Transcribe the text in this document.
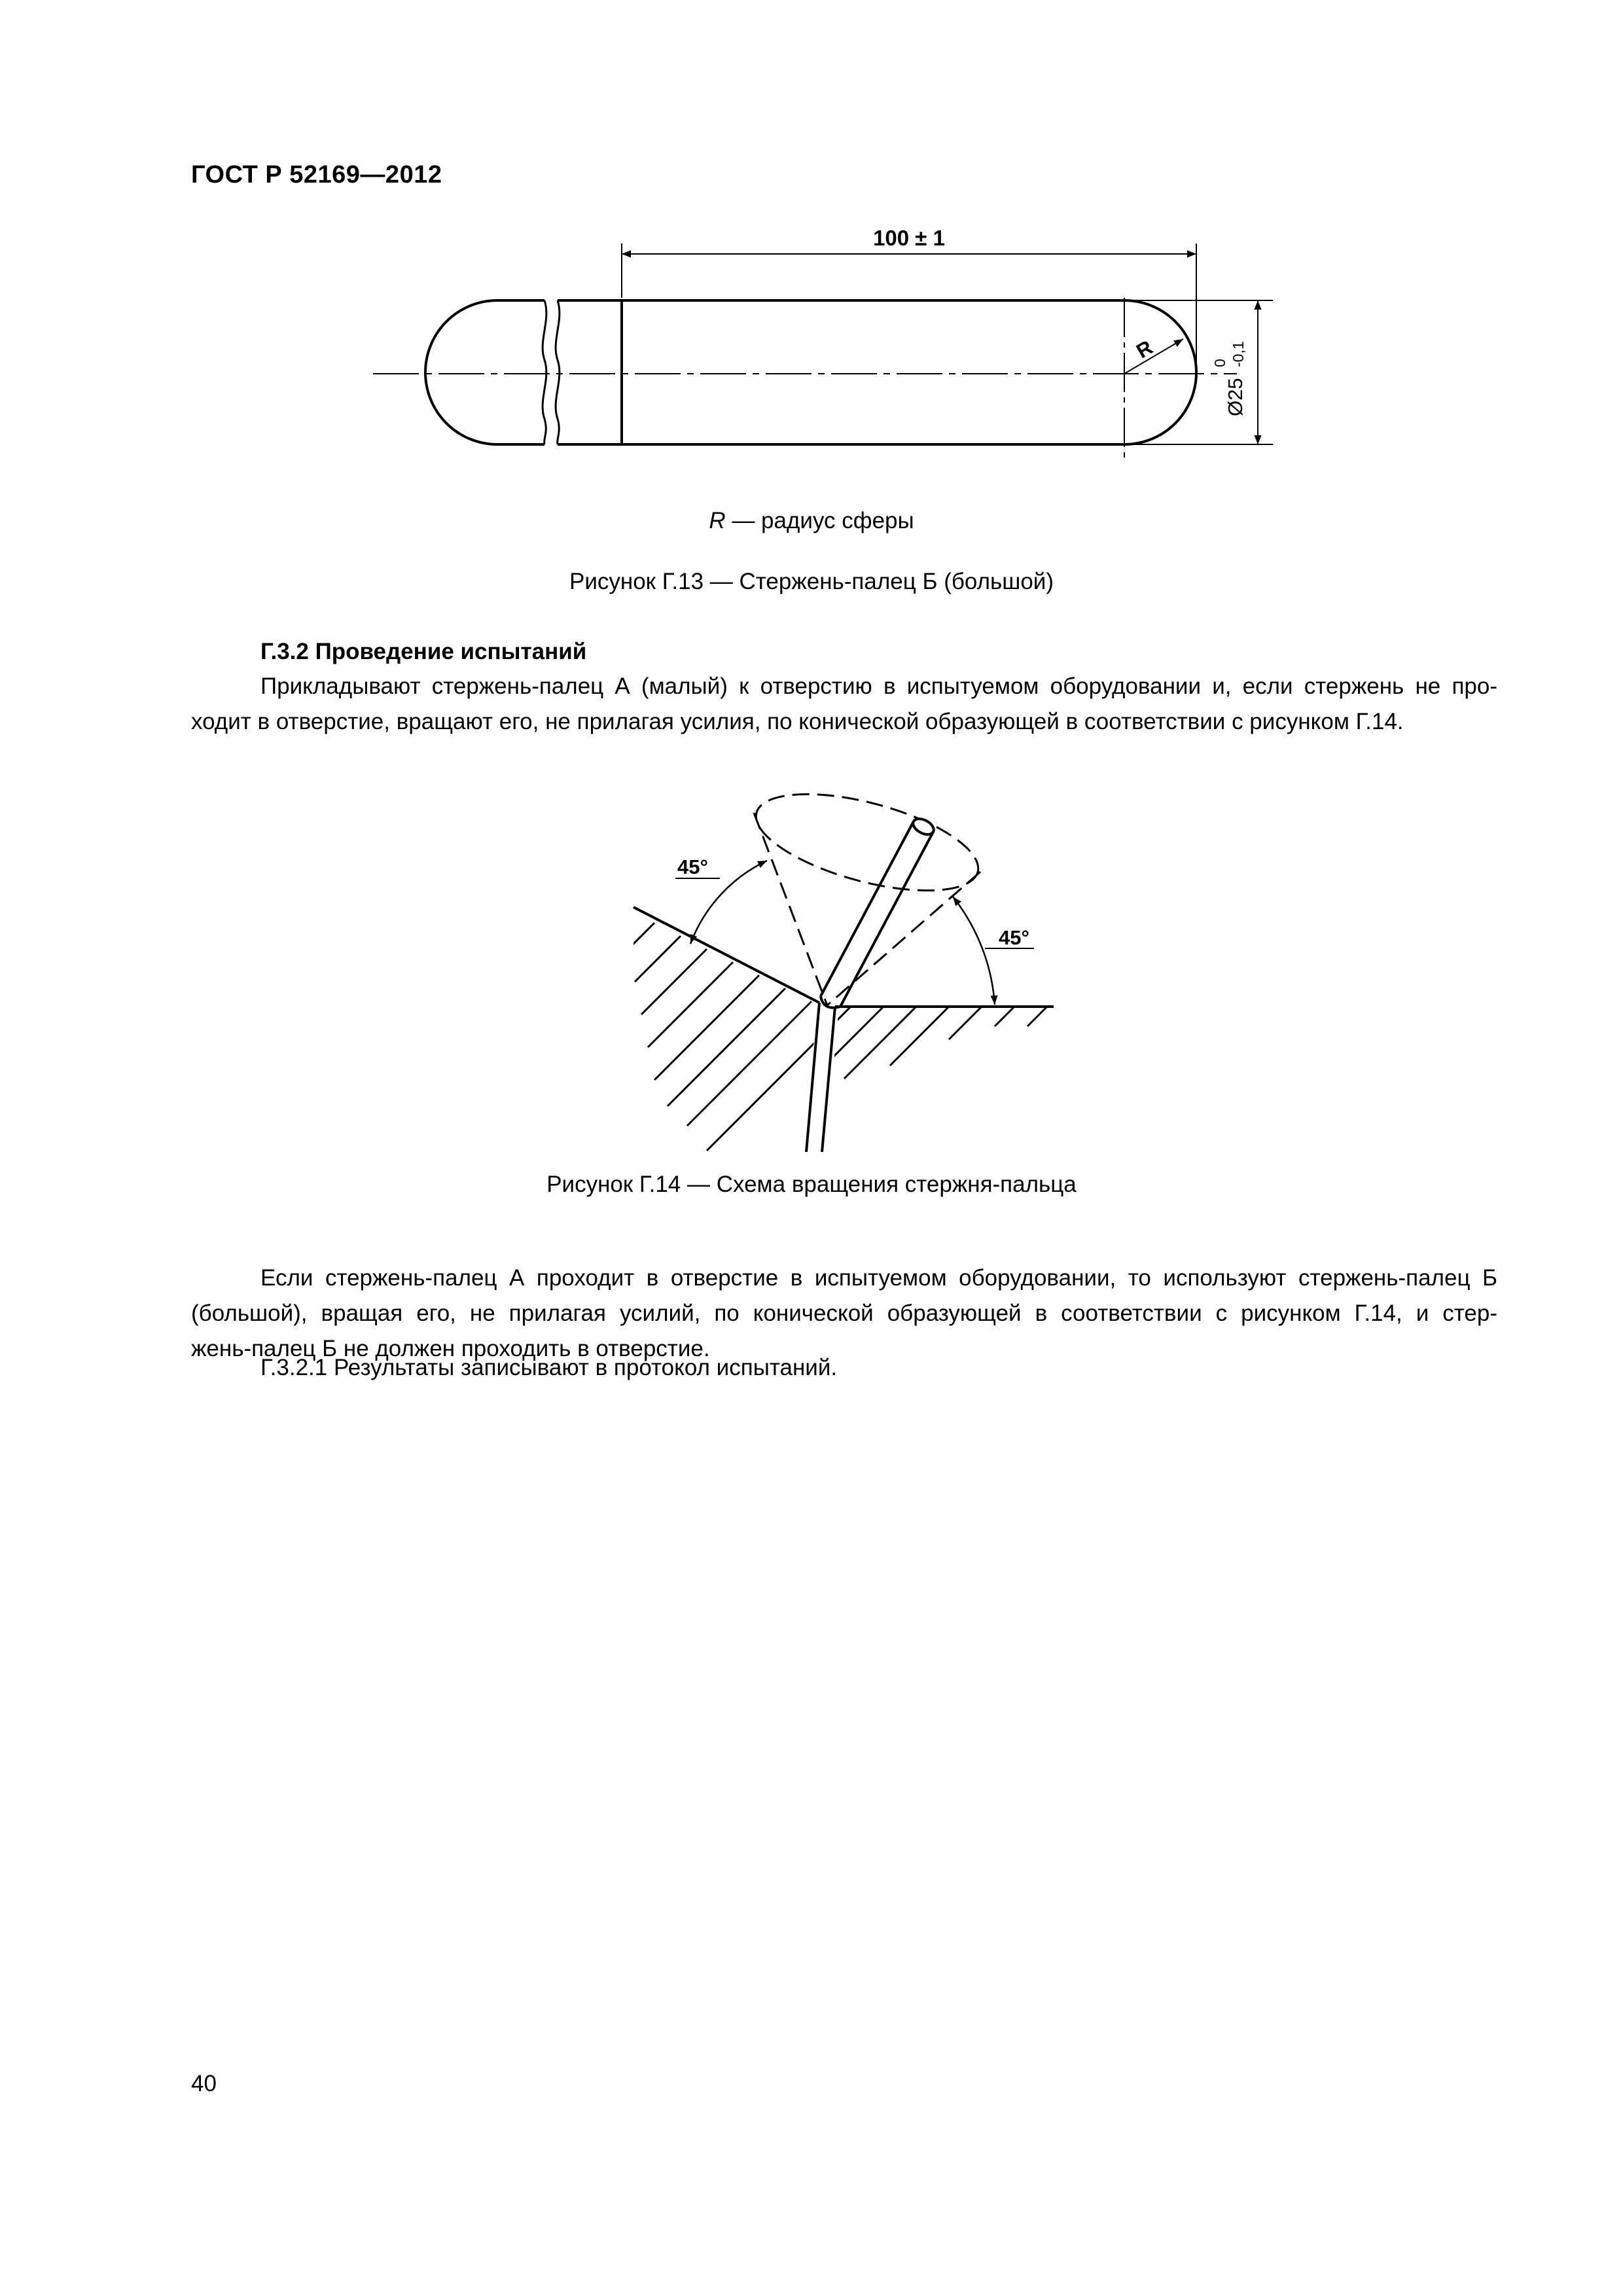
ГОСТ Р 52169—2012
100 ± 1
Ø25
0 -0,1
R
R — радиус сферы
Рисунок Г.13 — Стержень-палец Б (большой)
Г.3.2 Проведение испытаний
Прикладывают стержень-палец А (малый) к отверстию в испытуемом оборудовании и, если стержень не про-
ходит в отверстие, вращают его, не прилагая усилия, по конической образующей в соответствии с рисунком Г.14.
45°
45°
Рисунок Г.14 — Схема вращения стержня-пальца
Если стержень-палец А проходит в отверстие в испытуемом оборудовании, то используют стержень-палец Б
(большой), вращая его, не прилагая усилий, по конической образующей в соответствии с рисунком Г.14, и стер-
жень-палец Б не должен проходить в отверстие.
Г.3.2.1 Результаты записывают в протокол испытаний.
40
